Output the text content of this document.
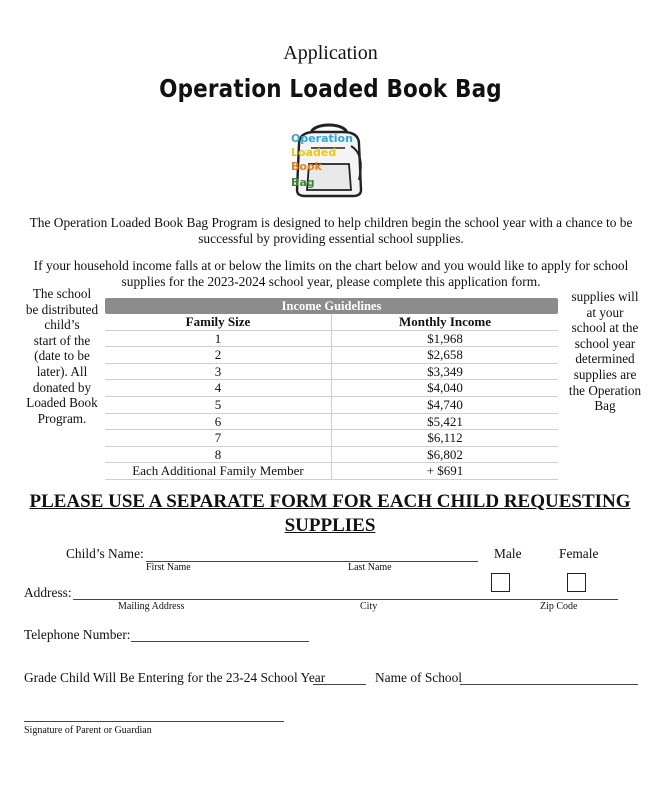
Application
Operation Loaded Book Bag
Operation
Loaded
Book
Bag
The Operation Loaded Book Bag Program is designed to help children begin the school year with a chance to be successful by providing essential school supplies.
If your household income falls at or below the limits on the chart below and you would like to apply for school supplies for the 2023-2024 school year, please complete this application form.
The school
be distributed
child’s
start of the
(date to be
later). All
donated by
Loaded Book
Program.
supplies will
at your
school at the
school year
determined
supplies are
the Operation
Bag
Income Guidelines
Family Size	Monthly Income
1	$1,968
2	$2,658
3	$3,349
4	$4,040
5	$4,740
6	$5,421
7	$6,112
8	$6,802
Each Additional Family Member	+ $691
PLEASE USE A SEPARATE FORM FOR EACH CHILD REQUESTING
SUPPLIES
Child’s Name:
First Name	Last Name
Male	Female
Address:
Mailing Address	City	Zip Code
Telephone Number:
Grade Child Will Be Entering for the 23-24 School Year	Name of School
Signature of Parent or Guardian
